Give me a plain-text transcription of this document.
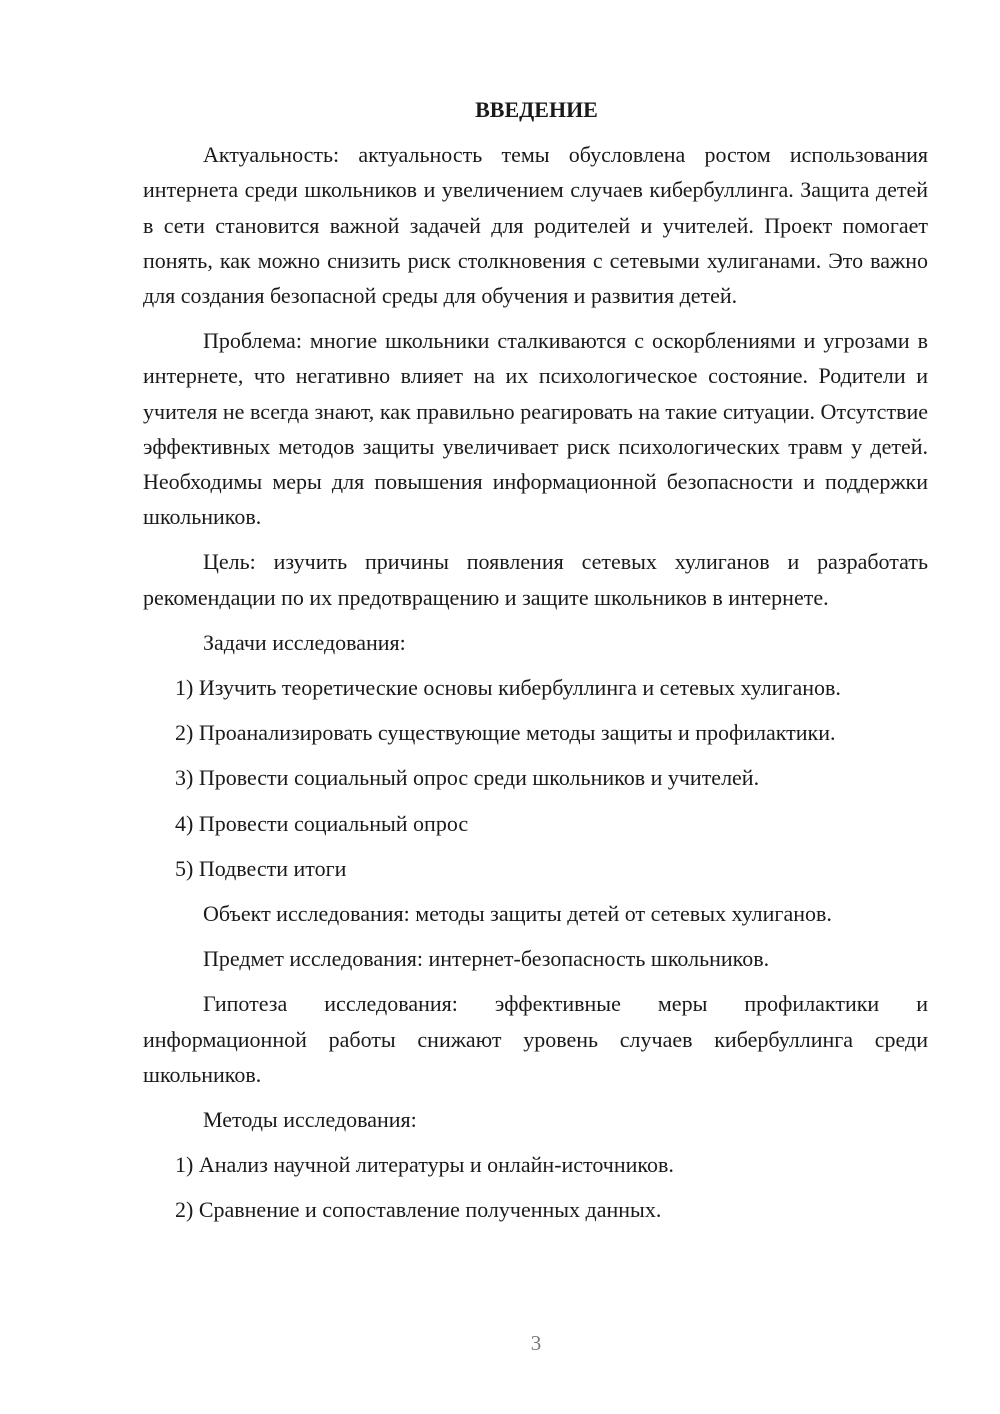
ВВЕДЕНИЕ

Актуальность: актуальность темы обусловлена ростом использования интернета среди школьников и увеличением случаев кибербуллинга. Защита детей в сети становится важной задачей для родителей и учителей. Проект помогает понять, как можно снизить риск столкновения с сетевыми хулиганами. Это важно для создания безопасной среды для обучения и развития детей.

Проблема: многие школьники сталкиваются с оскорблениями и угрозами в интернете, что негативно влияет на их психологическое состояние. Родители и учителя не всегда знают, как правильно реагировать на такие ситуации. Отсутствие эффективных методов защиты увеличивает риск психологических травм у детей. Необходимы меры для повышения информационной безопасности и поддержки школьников.

Цель: изучить причины появления сетевых хулиганов и разработать рекомендации по их предотвращению и защите школьников в интернете.

Задачи исследования:

1) Изучить теоретические основы кибербуллинга и сетевых хулиганов.

2) Проанализировать существующие методы защиты и профилактики.

3) Провести социальный опрос среди школьников и учителей.

4) Провести социальный опрос

5) Подвести итоги

Объект исследования: методы защиты детей от сетевых хулиганов.

Предмет исследования: интернет-безопасность школьников.

Гипотеза исследования: эффективные меры профилактики и информационной работы снижают уровень случаев кибербуллинга среди школьников.

Методы исследования:

1) Анализ научной литературы и онлайн-источников.

2) Сравнение и сопоставление полученных данных.

3
